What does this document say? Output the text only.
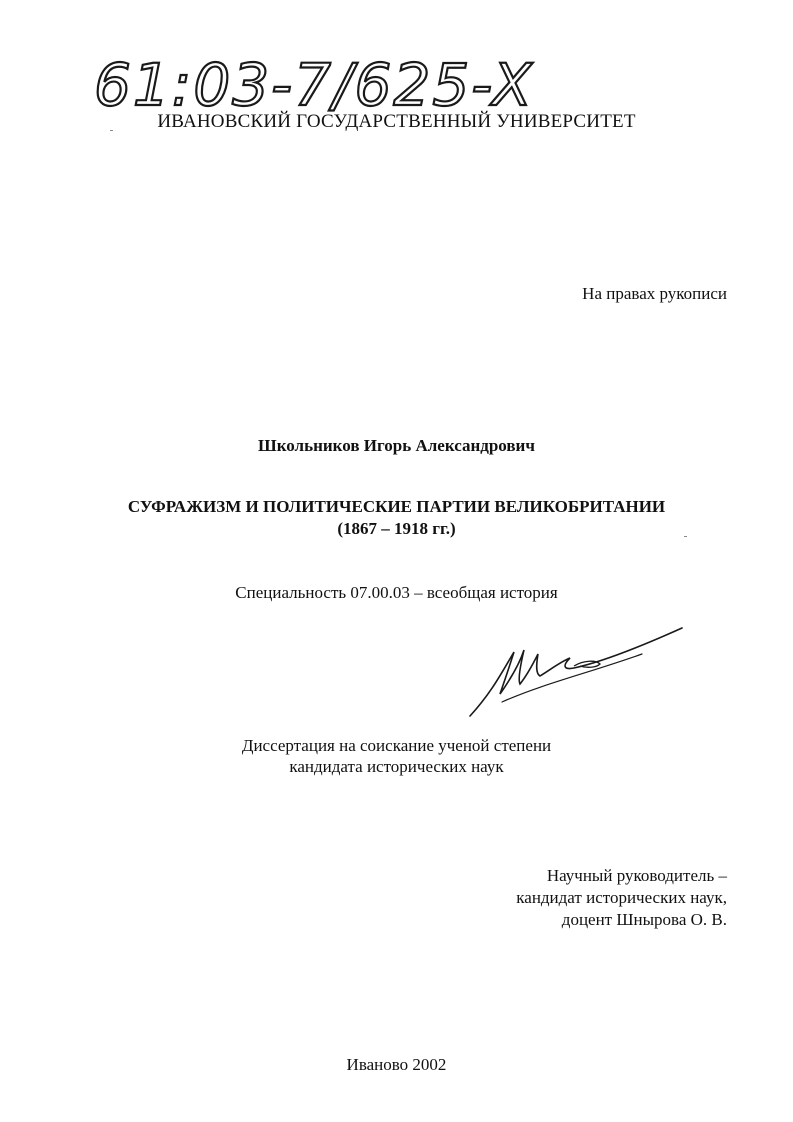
61:03-7/625-X
ИВАНОВСКИЙ ГОСУДАРСТВЕННЫЙ УНИВЕРСИТЕТ
На правах рукописи
Школьников Игорь Александрович
СУФРАЖИЗМ И ПОЛИТИЧЕСКИЕ ПАРТИИ ВЕЛИКОБРИТАНИИ
(1867 – 1918 гг.)
Специальность 07.00.03 – всеобщая история
Диссертация на соискание ученой степени
кандидата исторических наук
Научный руководитель –
кандидат исторических наук,
доцент Шнырова О. В.
Иваново 2002
